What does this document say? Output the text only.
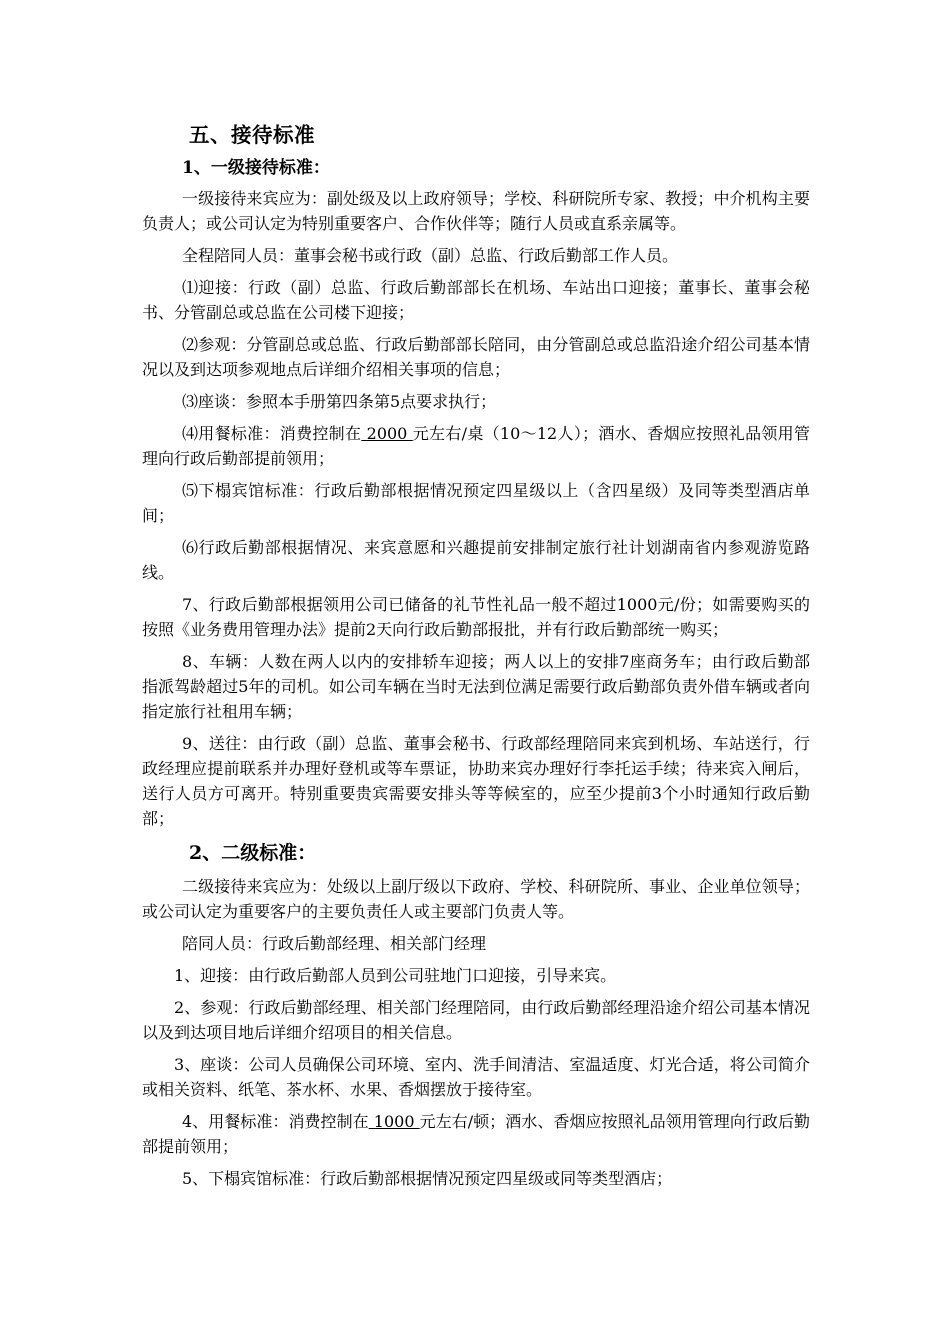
五、接待标准
1、一级接待标准：

一级接待来宾应为：副处级及以上政府领导；学校、科研院所专家、教授；中介机构主要负责人；或公司认定为特别重要客户、合作伙伴等；随行人员或直系亲属等。

全程陪同人员：董事会秘书或行政（副）总监、行政后勤部工作人员。

⑴迎接：行政（副）总监、行政后勤部部长在机场、车站出口迎接；董事长、董事会秘书、分管副总或总监在公司楼下迎接；

⑵参观：分管副总或总监、行政后勤部部长陪同，由分管副总或总监沿途介绍公司基本情况以及到达项参观地点后详细介绍相关事项的信息；

⑶座谈：参照本手册第四条第5点要求执行；

⑷用餐标准：消费控制在 2000 元左右/桌（10～12人）；酒水、香烟应按照礼品领用管理向行政后勤部提前领用；

⑸下榻宾馆标准：行政后勤部根据情况预定四星级以上（含四星级）及同等类型酒店单间；

⑹行政后勤部根据情况、来宾意愿和兴趣提前安排制定旅行社计划湖南省内参观游览路线。

7、行政后勤部根据领用公司已储备的礼节性礼品一般不超过1000元/份；如需要购买的按照《业务费用管理办法》提前2天向行政后勤部报批，并有行政后勤部统一购买；

8、车辆：人数在两人以内的安排轿车迎接；两人以上的安排7座商务车；由行政后勤部指派驾龄超过5年的司机。如公司车辆在当时无法到位满足需要行政后勤部负责外借车辆或者向指定旅行社租用车辆；

9、送往：由行政（副）总监、董事会秘书、行政部经理陪同来宾到机场、车站送行，行政经理应提前联系并办理好登机或等车票证，协助来宾办理好行李托运手续；待来宾入闸后，送行人员方可离开。特别重要贵宾需要安排头等等候室的，应至少提前3个小时通知行政后勤部；

2、二级标准：

二级接待来宾应为：处级以上副厅级以下政府、学校、科研院所、事业、企业单位领导；或公司认定为重要客户的主要负责任人或主要部门负责人等。

陪同人员：行政后勤部经理、相关部门经理

1、迎接：由行政后勤部人员到公司驻地门口迎接，引导来宾。

2、参观：行政后勤部经理、相关部门经理陪同，由行政后勤部经理沿途介绍公司基本情况以及到达项目地后详细介绍项目的相关信息。

3、座谈：公司人员确保公司环境、室内、洗手间清洁、室温适度、灯光合适，将公司简介或相关资料、纸笔、茶水杯、水果、香烟摆放于接待室。

4、用餐标准：消费控制在 1000 元左右/顿；酒水、香烟应按照礼品领用管理向行政后勤部提前领用；

5、下榻宾馆标准：行政后勤部根据情况预定四星级或同等类型酒店；
